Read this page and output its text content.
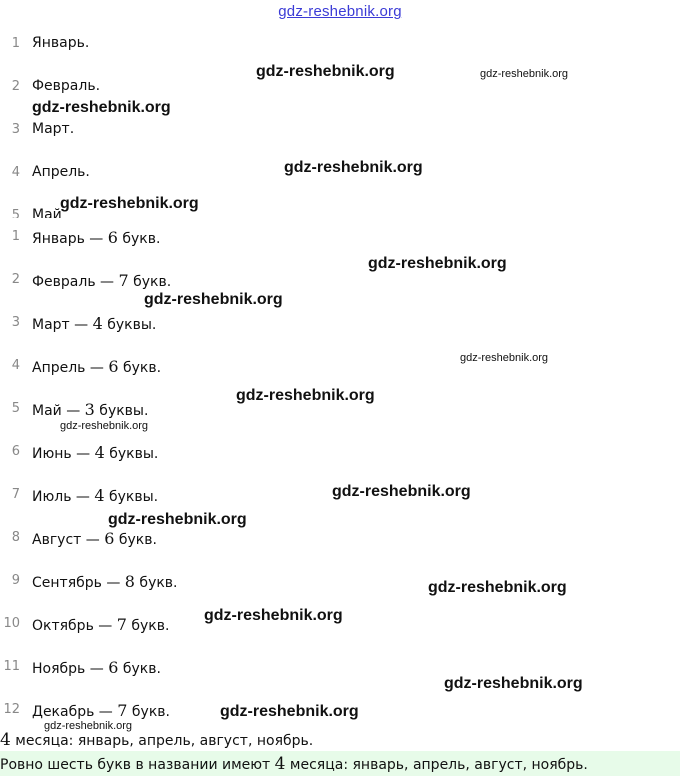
gdz-reshebnik.org
1 Январь.
2 Февраль.
3 Март.
4 Апрель.
5 Май
1 Январь — 6 букв.
2 Февраль — 7 букв.
3 Март — 4 буквы.
4 Апрель — 6 букв.
5 Май — 3 буквы.
6 Июнь — 4 буквы.
7 Июль — 4 буквы.
8 Август — 6 букв.
9 Сентябрь — 8 букв.
10 Октябрь — 7 букв.
11 Ноябрь — 6 букв.
12 Декабрь — 7 букв.
gdz-reshebnik.org	gdz-reshebnik.org
gdz-reshebnik.org
gdz-reshebnik.org
gdz-reshebnik.org
gdz-reshebnik.org
gdz-reshebnik.org
gdz-reshebnik.org
gdz-reshebnik.org
gdz-reshebnik.org
gdz-reshebnik.org
gdz-reshebnik.org
gdz-reshebnik.org
gdz-reshebnik.org
gdz-reshebnik.org
gdz-reshebnik.org
gdz-reshebnik.org
4 месяца: январь, апрель, август, ноябрь.
Ровно шесть букв в названии имеют 4 месяца: январь, апрель, август, ноябрь.
